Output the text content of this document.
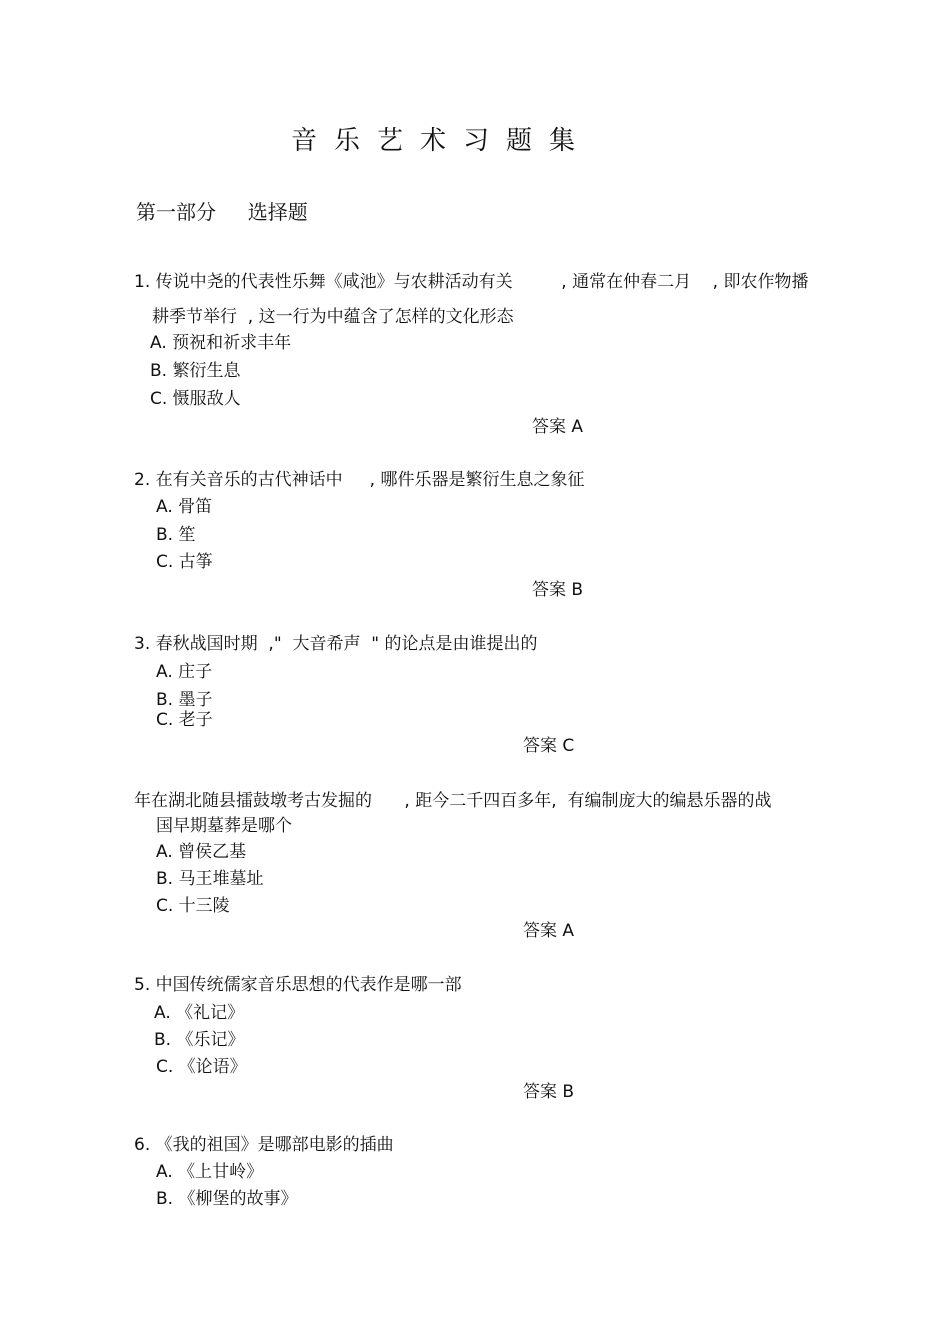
音乐艺术习题集
第一部分     选择题
1. 传说中尧的代表性乐舞《咸池》与农耕活动有关         , 通常在仲春二月    , 即农作物播
耕季节举行  , 这一行为中蕴含了怎样的文化形态
A. 预祝和祈求丰年
B. 繁衍生息
C. 慑服敌人
答案 A
2. 在有关音乐的古代神话中     , 哪件乐器是繁衍生息之象征
A. 骨笛
B. 笙
C. 古筝
答案 B
3. 春秋战国时期  ,"  大音希声  " 的论点是由谁提出的
A. 庄子
B. 墨子
C. 老子
答案 C
年在湖北随县擂鼓墩考古发掘的      , 距今二千四百多年,  有编制庞大的编悬乐器的战
国早期墓葬是哪个
A. 曾侯乙基
B. 马王堆墓址
C. 十三陵
答案 A
5. 中国传统儒家音乐思想的代表作是哪一部
A. 《礼记》
B. 《乐记》
C. 《论语》
答案 B
6. 《我的祖国》是哪部电影的插曲
A. 《上甘岭》
B. 《柳堡的故事》
